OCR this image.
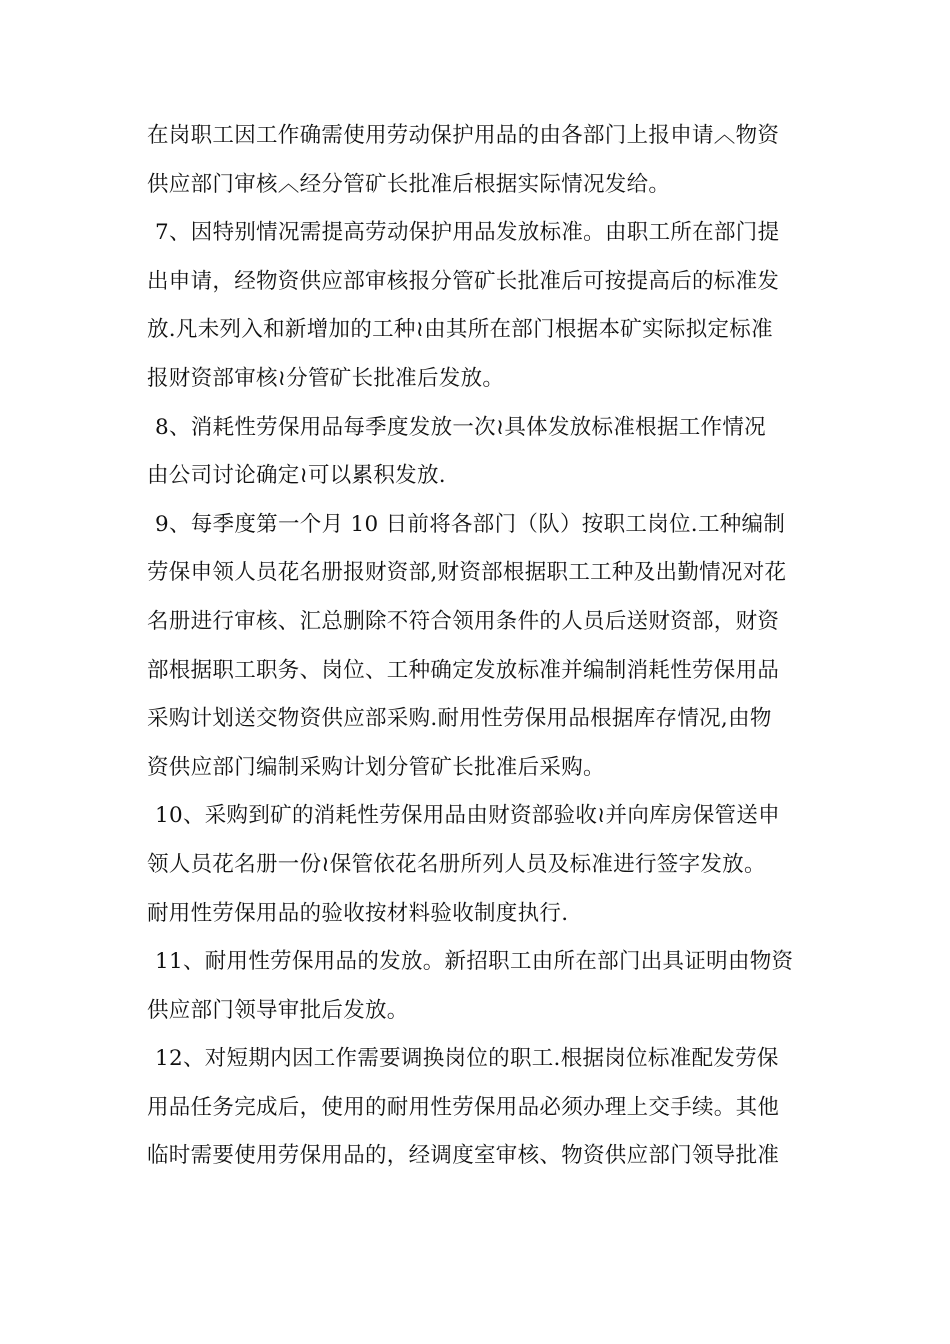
在岗职工因工作确需使用劳动保护用品的由各部门上报申请︿物资
供应部门审核︿经分管矿长批准后根据实际情况发给。
7、因特别情况需提高劳动保护用品发放标准。由职工所在部门提
出申请，经物资供应部审核报分管矿长批准后可按提高后的标准发
放.凡未列入和新增加的工种≀由其所在部门根据本矿实际拟定标准
报财资部审核≀分管矿长批准后发放。
8、消耗性劳保用品每季度发放一次≀具体发放标准根据工作情况
由公司讨论确定≀可以累积发放.
9、每季度第一个月 10 日前将各部门（队）按职工岗位.工种编制
劳保申领人员花名册报财资部,财资部根据职工工种及出勤情况对花
名册进行审核、汇总删除不符合领用条件的人员后送财资部，财资
部根据职工职务、岗位、工种确定发放标准并编制消耗性劳保用品
采购计划送交物资供应部采购.耐用性劳保用品根据库存情况,由物
资供应部门编制采购计划分管矿长批准后采购。
10、采购到矿的消耗性劳保用品由财资部验收≀并向库房保管送申
领人员花名册一份≀保管依花名册所列人员及标准进行签字发放。
耐用性劳保用品的验收按材料验收制度执行.
11、耐用性劳保用品的发放。新招职工由所在部门出具证明由物资
供应部门领导审批后发放。
12、对短期内因工作需要调换岗位的职工.根据岗位标准配发劳保
用品任务完成后，使用的耐用性劳保用品必须办理上交手续。其他
临时需要使用劳保用品的，经调度室审核、物资供应部门领导批准
